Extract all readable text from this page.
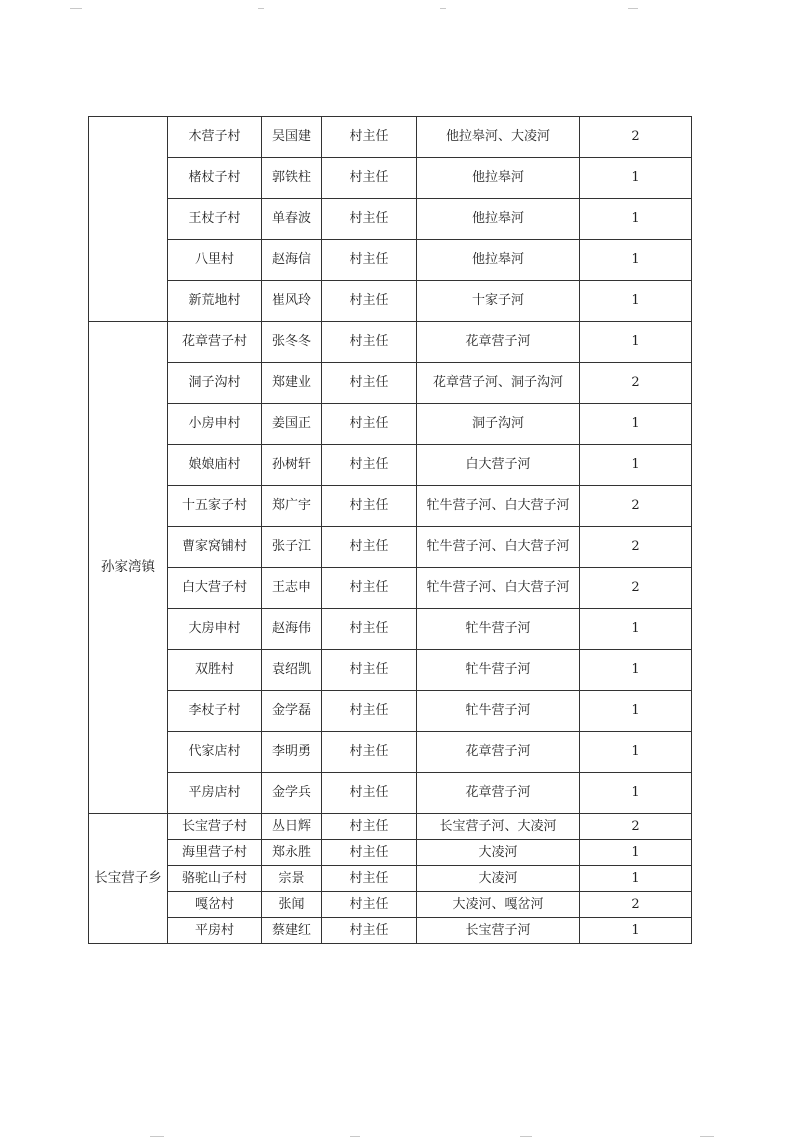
	木营子村	吴国建	村主任	他拉皋河、大凌河	2
	楮杖子村	郭铁柱	村主任	他拉皋河	1
	王杖子村	单春波	村主任	他拉皋河	1
	八里村	赵海信	村主任	他拉皋河	1
	新荒地村	崔风玲	村主任	十家子河	1
孙家湾镇	花章营子村	张冬冬	村主任	花章营子河	1
	洞子沟村	郑建业	村主任	花章营子河、洞子沟河	2
	小房申村	姜国正	村主任	洞子沟河	1
	娘娘庙村	孙树轩	村主任	白大营子河	1
	十五家子村	郑广宇	村主任	牤牛营子河、白大营子河	2
	曹家窝铺村	张子江	村主任	牤牛营子河、白大营子河	2
	白大营子村	王志申	村主任	牤牛营子河、白大营子河	2
	大房申村	赵海伟	村主任	牤牛营子河	1
	双胜村	袁绍凯	村主任	牤牛营子河	1
	李杖子村	金学磊	村主任	牤牛营子河	1
	代家店村	李明勇	村主任	花章营子河	1
	平房店村	金学兵	村主任	花章营子河	1
长宝营子乡	长宝营子村	丛日辉	村主任	长宝营子河、大凌河	2
	海里营子村	郑永胜	村主任	大凌河	1
	骆驼山子村	宗景	村主任	大凌河	1
	嘎岔村	张闻	村主任	大凌河、嘎岔河	2
	平房村	蔡建红	村主任	长宝营子河	1
